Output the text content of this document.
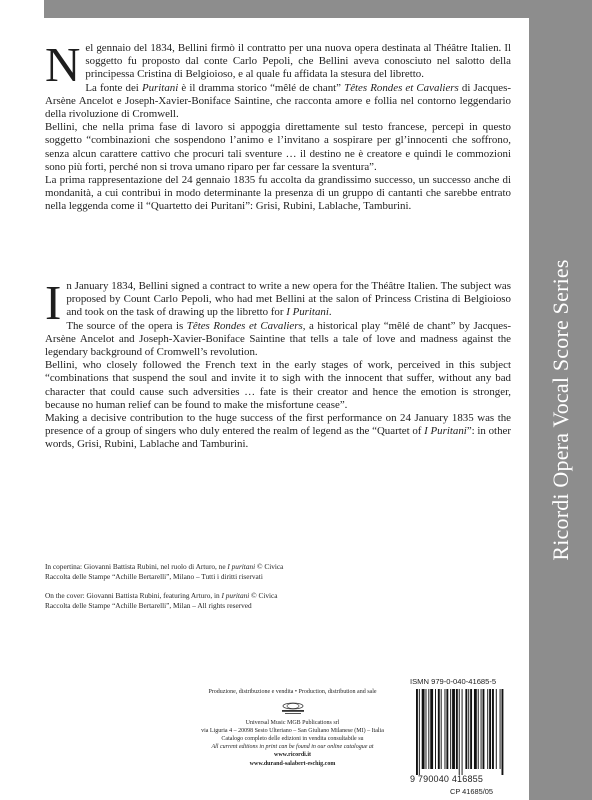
Ricordi Opera Vocal Score Series

Nel gennaio del 1834, Bellini firmò il contratto per una nuova opera destinata al Théâtre Italien. Il soggetto fu proposto dal conte Carlo Pepoli, che Bellini aveva conosciuto nel salotto della principessa Cristina di Belgioioso, e al quale fu affidata la stesura del libretto.

La fonte dei Puritani è il dramma storico “mêlé de chant” Têtes Rondes et Cavaliers di Jacques-Arsène Ancelot e Joseph-Xavier-Boniface Saintine, che racconta amore e follia nel contorno leggendario della rivoluzione di Cromwell.

Bellini, che nella prima fase di lavoro si appoggia direttamente sul testo francese, percepì in questo soggetto “combinazioni che sospendono l’animo e l’invitano a sospirare per gl’innocenti che soffrono, senza alcun carattere cattivo che procuri tali sventure … il destino ne è creatore e quindi le commozioni sono più forti, perché non si trova umano riparo per far cessare la sventura”.

La prima rappresentazione del 24 gennaio 1835 fu accolta da grandissimo successo, un successo anche di mondanità, a cui contribuì in modo determinante la presenza di un gruppo di cantanti che sarebbe entrato nella leggenda come il “Quartetto dei Puritani”: Grisi, Rubini, Lablache, Tamburini.

In January 1834, Bellini signed a contract to write a new opera for the Théâtre Italien. The subject was proposed by Count Carlo Pepoli, who had met Bellini at the salon of Princess Cristina di Belgioioso and took on the task of drawing up the libretto for I Puritani.

The source of the opera is Têtes Rondes et Cavaliers, a historical play “mêlé de chant” by Jacques-Arsène Ancelot and Joseph-Xavier-Boniface Saintine that tells a tale of love and madness against the legendary background of Cromwell’s revolution.

Bellini, who closely followed the French text in the early stages of work, perceived in this subject “combinations that suspend the soul and invite it to sigh with the innocent that suffer, without any bad character that could cause such adversities … fate is their creator and hence the emotion is stronger, because no human relief can be found to make the misfortune cease”.

Making a decisive contribution to the huge success of the first performance on 24 January 1835 was the presence of a group of singers who duly entered the realm of legend as the “Quartet of I Puritani”: in other words, Grisi, Rubini, Lablache and Tamburini.

In copertina: Giovanni Battista Rubini, nel ruolo di Arturo, ne I puritani © Civica Raccolta delle Stampe “Achille Bertarelli”, Milano – Tutti i diritti riservati

On the cover: Giovanni Battista Rubini, featuring Arturo, in I puritani © Civica Raccolta delle Stampe “Achille Bertarelli”, Milan – All rights reserved

Produzione, distribuzione e vendita • Production, distribution and sale

Universal Music MGB Publications srl

via Liguria 4 – 20098 Sesto Ulteriano – San Giuliano Milanese (MI) – Italia

Catalogo completo delle edizioni in vendita consultabile su

All current editions in print can be found in our online catalogue at

www.ricordi.it

www.durand-salabert-eschig.com

ISMN 979-0-040-41685-5
9 790040 416855
CP 41685/05
